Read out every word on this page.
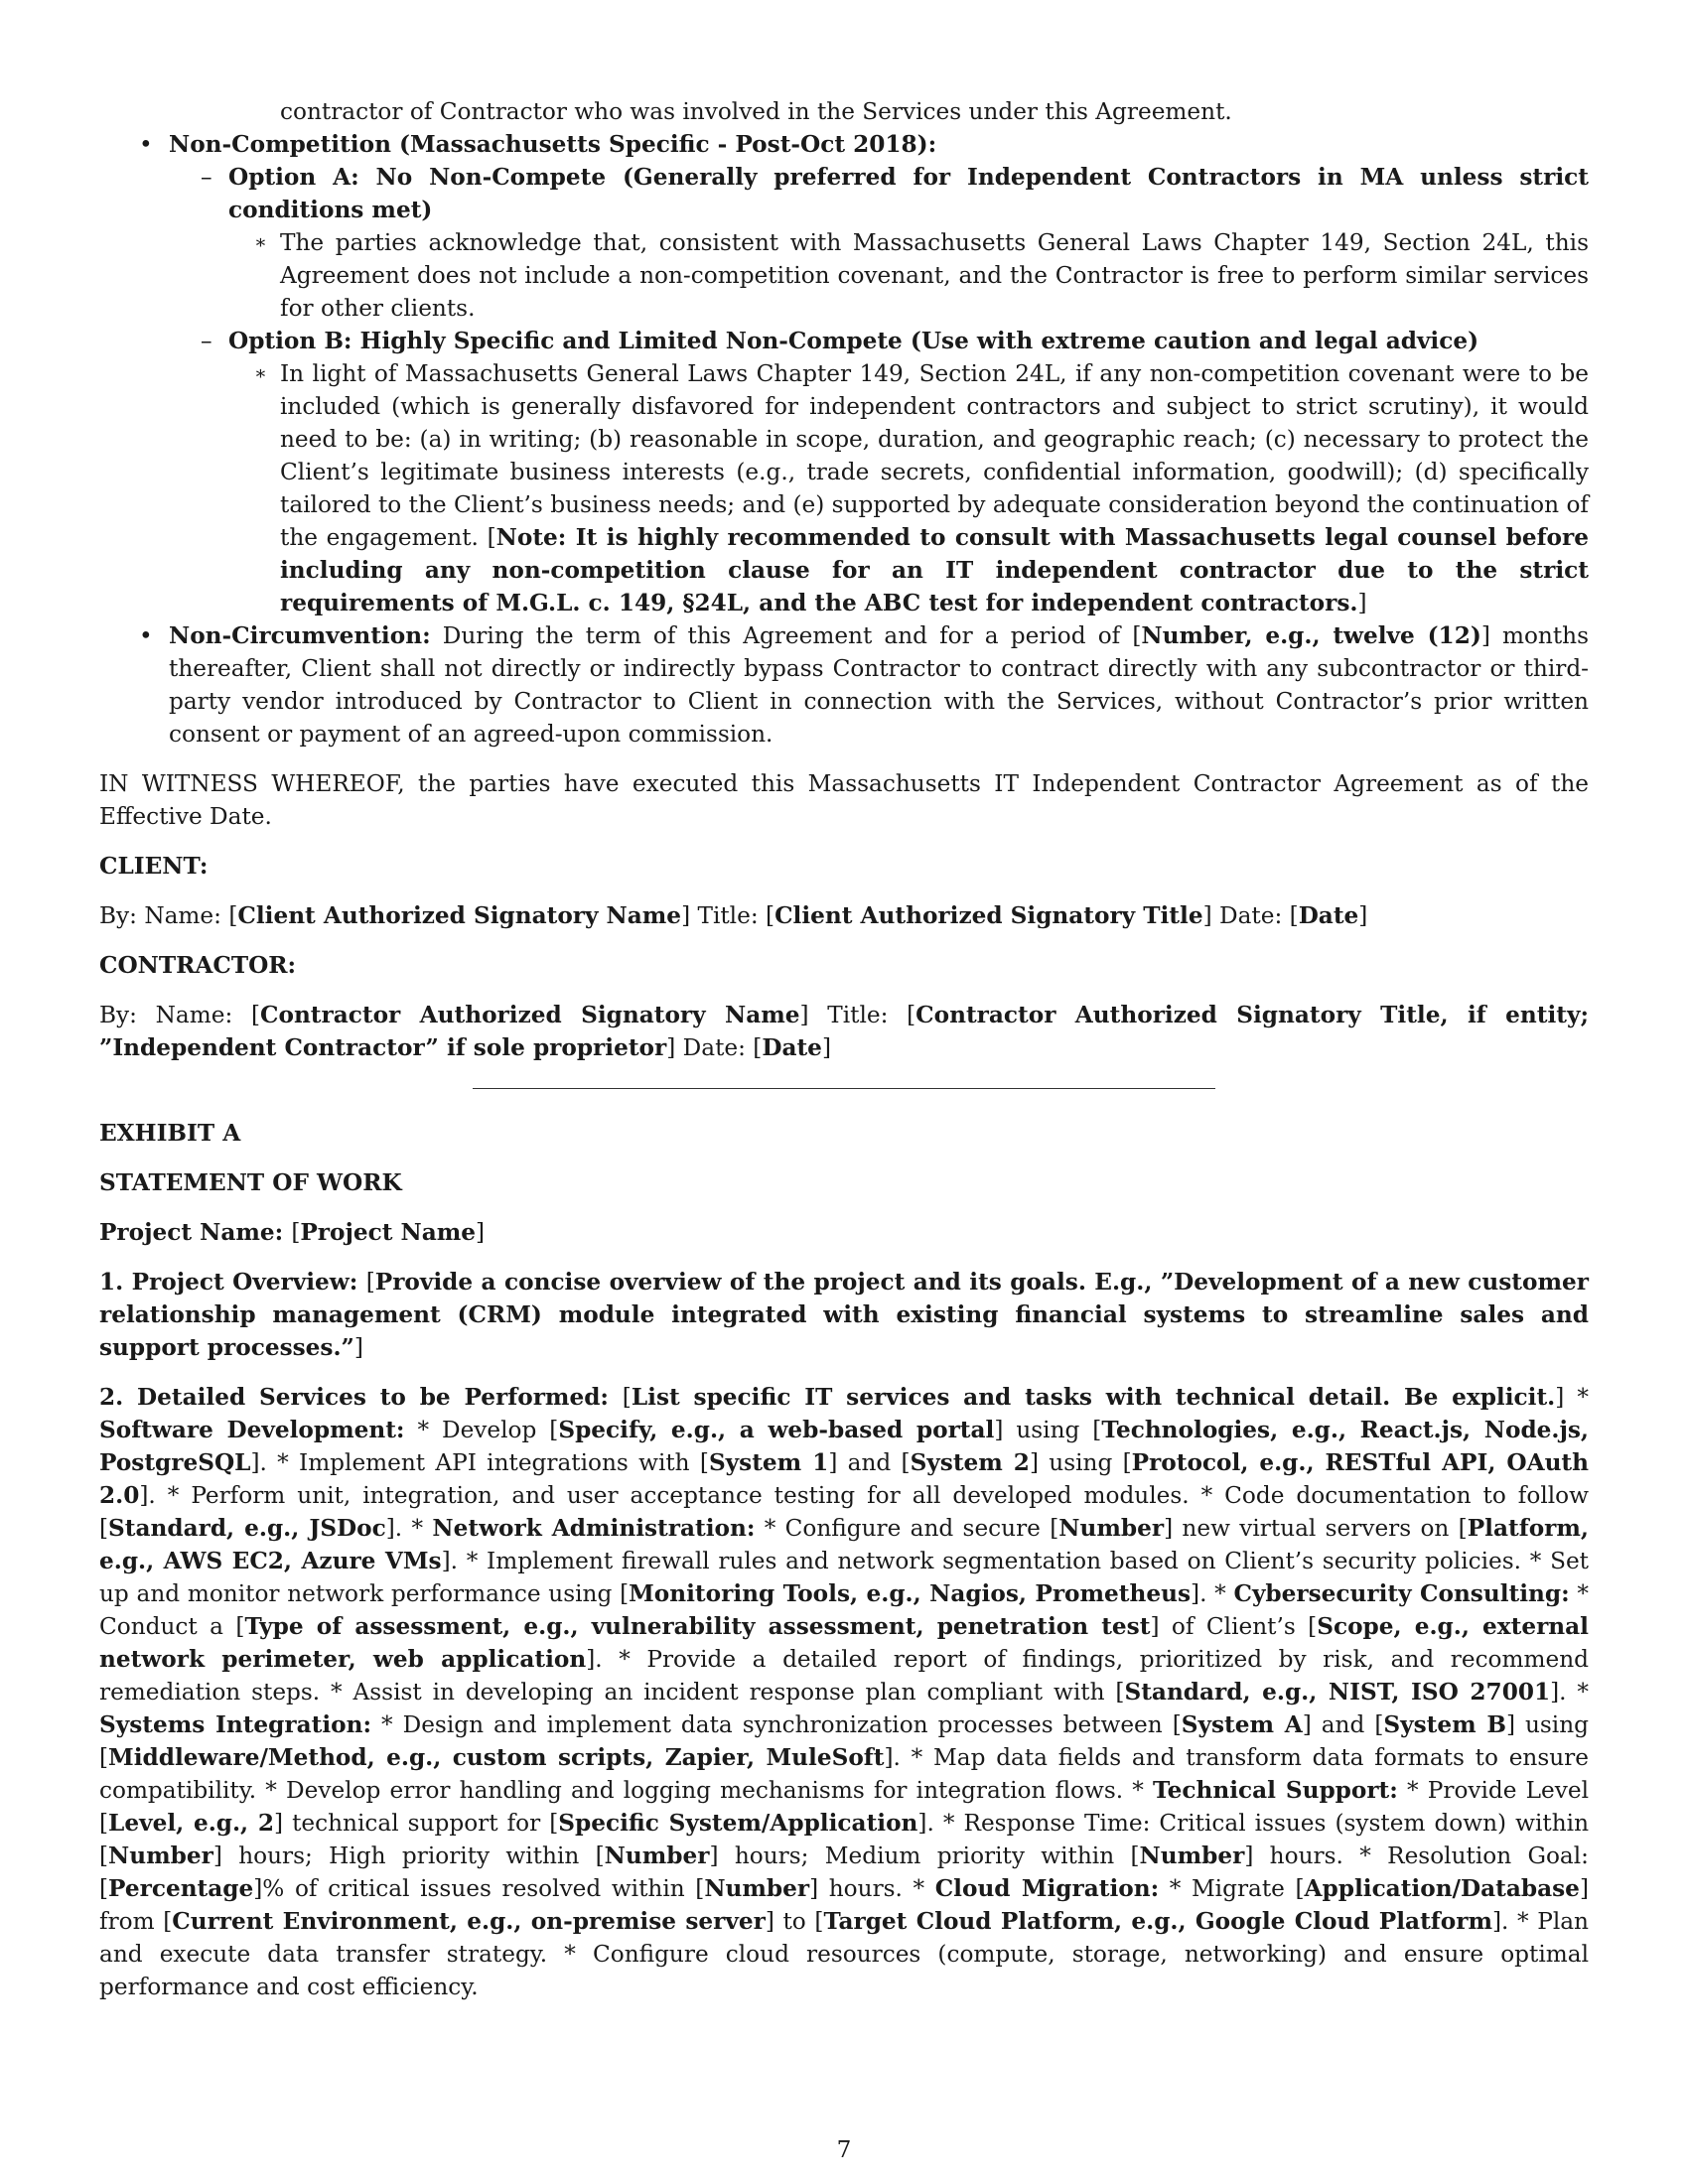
contractor of Contractor who was involved in the Services under this Agreement.

• Non-Competition (Massachusetts Specific - Post-Oct 2018):
– Option A: No Non-Compete (Generally preferred for Independent Contractors in MA unless strict conditions met)
∗ The parties acknowledge that, consistent with Massachusetts General Laws Chapter 149, Section 24L, this Agreement does not include a non-competition covenant, and the Contractor is free to perform similar services for other clients.
– Option B: Highly Specific and Limited Non-Compete (Use with extreme caution and legal advice)
∗ In light of Massachusetts General Laws Chapter 149, Section 24L, if any non-competition covenant were to be included (which is generally disfavored for independent contractors and subject to strict scrutiny), it would need to be: (a) in writing; (b) reasonable in scope, duration, and geographic reach; (c) necessary to protect the Client’s legitimate business interests (e.g., trade secrets, confidential information, goodwill); (d) specifically tailored to the Client’s business needs; and (e) supported by adequate consideration beyond the continuation of the engagement. [Note: It is highly recommended to consult with Massachusetts legal counsel before including any non-competition clause for an IT independent contractor due to the strict requirements of M.G.L. c. 149, §24L, and the ABC test for independent contractors.]
• Non-Circumvention: During the term of this Agreement and for a period of [Number, e.g., twelve (12)] months thereafter, Client shall not directly or indirectly bypass Contractor to contract directly with any subcontractor or third-party vendor introduced by Contractor to Client in connection with the Services, without Contractor’s prior written consent or payment of an agreed-upon commission.

IN WITNESS WHEREOF, the parties have executed this Massachusetts IT Independent Contractor Agreement as of the Effective Date.

CLIENT:

By: Name: [Client Authorized Signatory Name] Title: [Client Authorized Signatory Title] Date: [Date]

CONTRACTOR:

By: Name: [Contractor Authorized Signatory Name] Title: [Contractor Authorized Signatory Title, if entity; ”Independent Contractor” if sole proprietor] Date: [Date]

EXHIBIT A

STATEMENT OF WORK

Project Name: [Project Name]

1. Project Overview: [Provide a concise overview of the project and its goals. E.g., ”Development of a new customer relationship management (CRM) module integrated with existing financial systems to streamline sales and support processes.”]

2. Detailed Services to be Performed: [List specific IT services and tasks with technical detail. Be explicit.] * Software Development: * Develop [Specify, e.g., a web-based portal] using [Technologies, e.g., React.js, Node.js, PostgreSQL]. * Implement API integrations with [System 1] and [System 2] using [Protocol, e.g., RESTful API, OAuth 2.0]. * Perform unit, integration, and user acceptance testing for all developed modules. * Code documentation to follow [Standard, e.g., JSDoc]. * Network Administration: * Configure and secure [Number] new virtual servers on [Platform, e.g., AWS EC2, Azure VMs]. * Implement firewall rules and network segmentation based on Client’s security policies. * Set up and monitor network performance using [Monitoring Tools, e.g., Nagios, Prometheus]. * Cybersecurity Consulting: * Conduct a [Type of assessment, e.g., vulnerability assessment, penetration test] of Client’s [Scope, e.g., external network perimeter, web application]. * Provide a detailed report of findings, prioritized by risk, and recommend remediation steps. * Assist in developing an incident response plan compliant with [Standard, e.g., NIST, ISO 27001]. * Systems Integration: * Design and implement data synchronization processes between [System A] and [System B] using [Middleware/Method, e.g., custom scripts, Zapier, MuleSoft]. * Map data fields and transform data formats to ensure compatibility. * Develop error handling and logging mechanisms for integration flows. * Technical Support: * Provide Level [Level, e.g., 2] technical support for [Specific System/Application]. * Response Time: Critical issues (system down) within [Number] hours; High priority within [Number] hours; Medium priority within [Number] hours. * Resolution Goal: [Percentage]% of critical issues resolved within [Number] hours. * Cloud Migration: * Migrate [Application/Database] from [Current Environment, e.g., on-premise server] to [Target Cloud Platform, e.g., Google Cloud Platform]. * Plan and execute data transfer strategy. * Configure cloud resources (compute, storage, networking) and ensure optimal performance and cost efficiency.

7
